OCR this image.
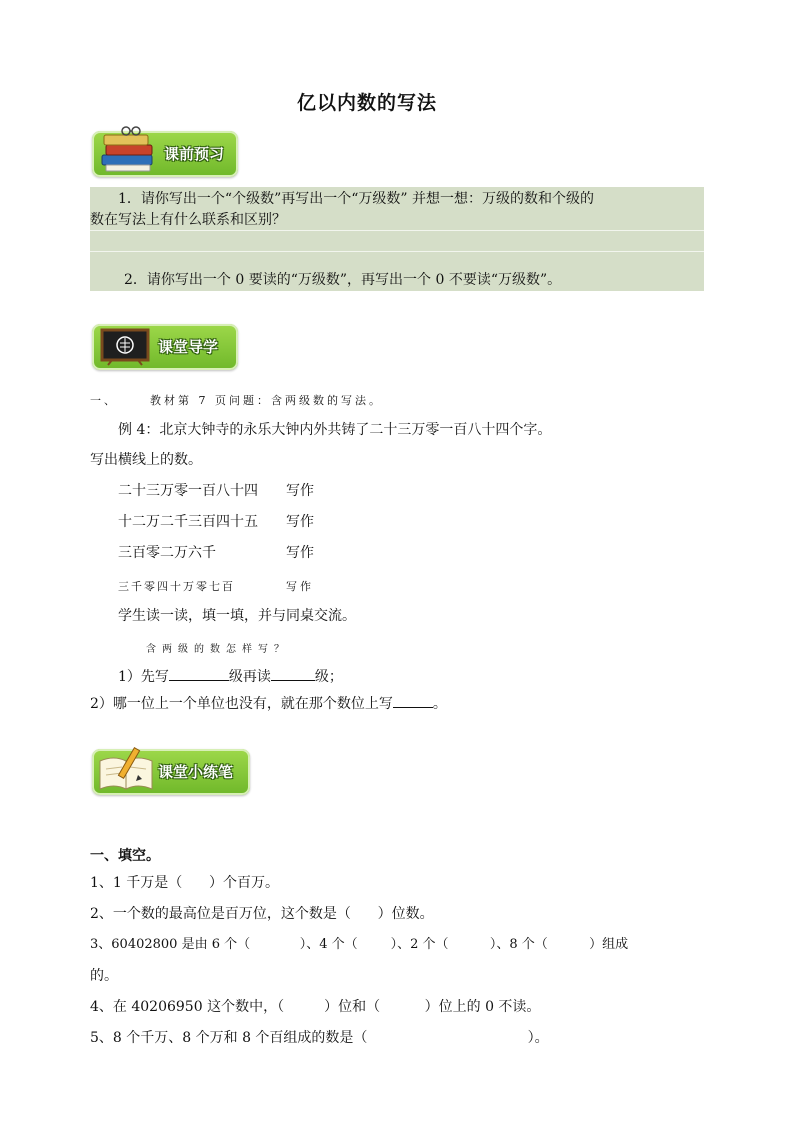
亿以内数的写法
课前预习
1．请你写出一个“个级数”再写出一个“万级数” 并想一想：万级的数和个级的
数在写法上有什么联系和区别？
2．请你写出一个 0 要读的“万级数”，再写出一个 0 不要读“万级数”。
课堂导学
一、	教材第 7 页问题：含两级数的写法。
例 4：北京大钟寺的永乐大钟内外共铸了二十三万零一百八十四个字。
写出横线上的数。
二十三万零一百八十四 写作
十二万二千三百四十五 写作
三百零二万六千	写作
三千零四十万零七百	写作
学生读一读，填一填，并与同桌交流。
含两级的数怎样写？
1）先写	级再读	级；
2）哪一位上一个单位也没有，就在那个数位上写	。
课堂小练笔
一、填空。
1、1 千万是（      ）个百万。
2、一个数的最高位是百万位，这个数是（      ）位数。
3、60402800 是由 6 个（            ）、4 个（        ）、2 个（          ）、8 个（          ）组成
的。
4、在 40206950 这个数中，（         ）位和（          ）位上的 0 不读。
5、8 个千万、8 个万和 8 个百组成的数是（                                    ）。
